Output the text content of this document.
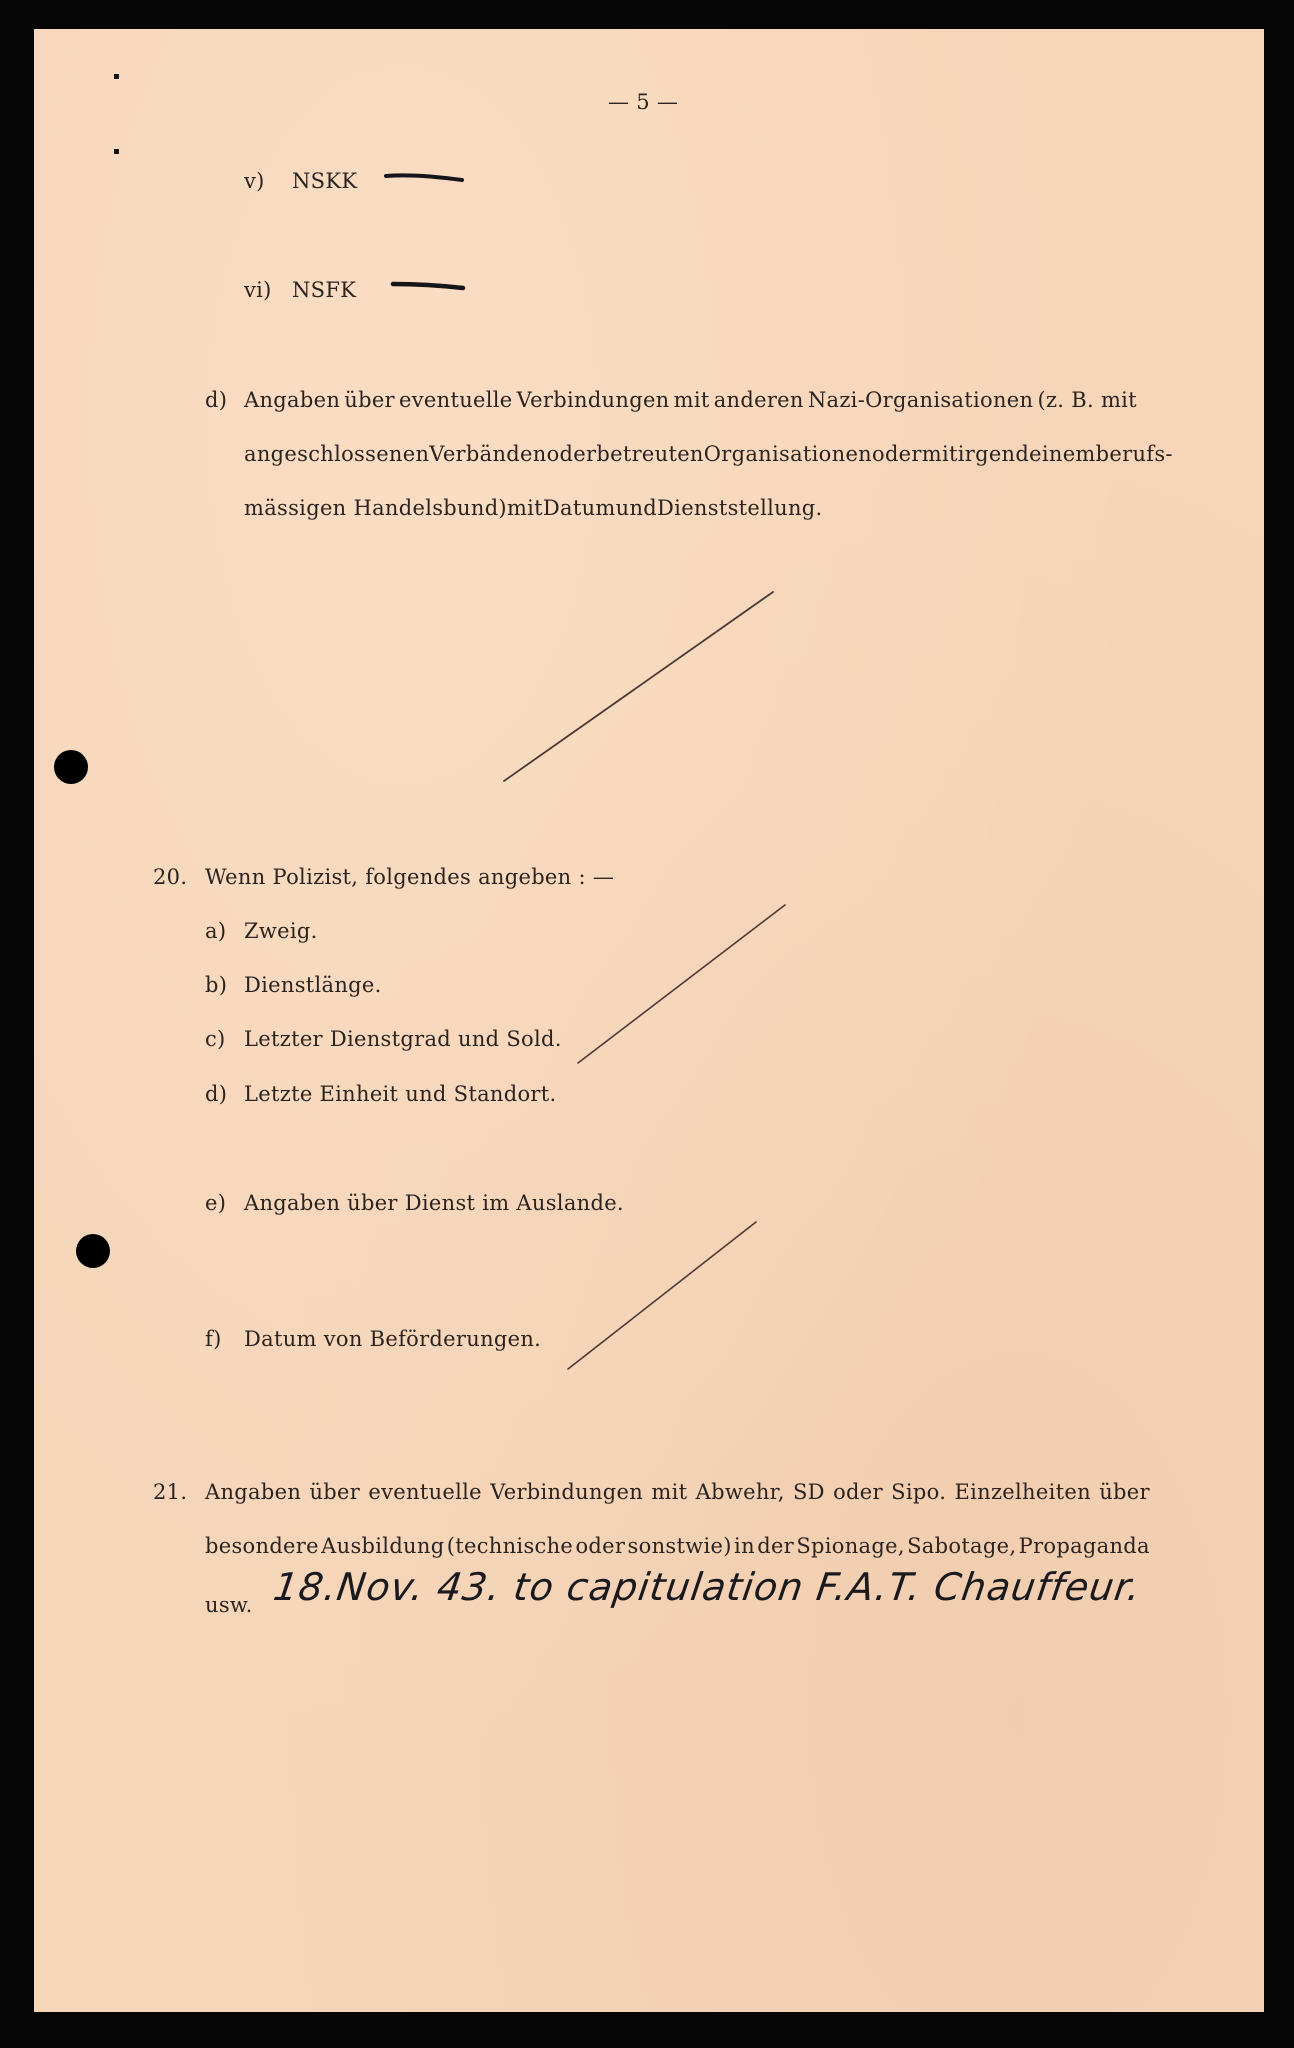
— 5 —
v) NSKK
vi) NSFK
d) Angaben über eventuelle Verbindungen mit anderen Nazi-Organisationen (z. B. mit
angeschlossenen Verbänden oder betreuten Organisationen oder mit irgendeinem berufs-
mässigen Handelsbund) mit Datum und Dienststellung.
20. Wenn Polizist, folgendes angeben : —
a) Zweig.
b) Dienstlänge.
c) Letzter Dienstgrad und Sold.
d) Letzte Einheit und Standort.
e) Angaben über Dienst im Auslande.
f) Datum von Beförderungen.
21. Angaben über eventuelle Verbindungen mit Abwehr, SD oder Sipo. Einzelheiten über
besondere Ausbildung (technische oder sonstwie) in der Spionage, Sabotage, Propaganda
usw. 18.Nov. 43. to capitulation F.A.T. Chauffeur.
